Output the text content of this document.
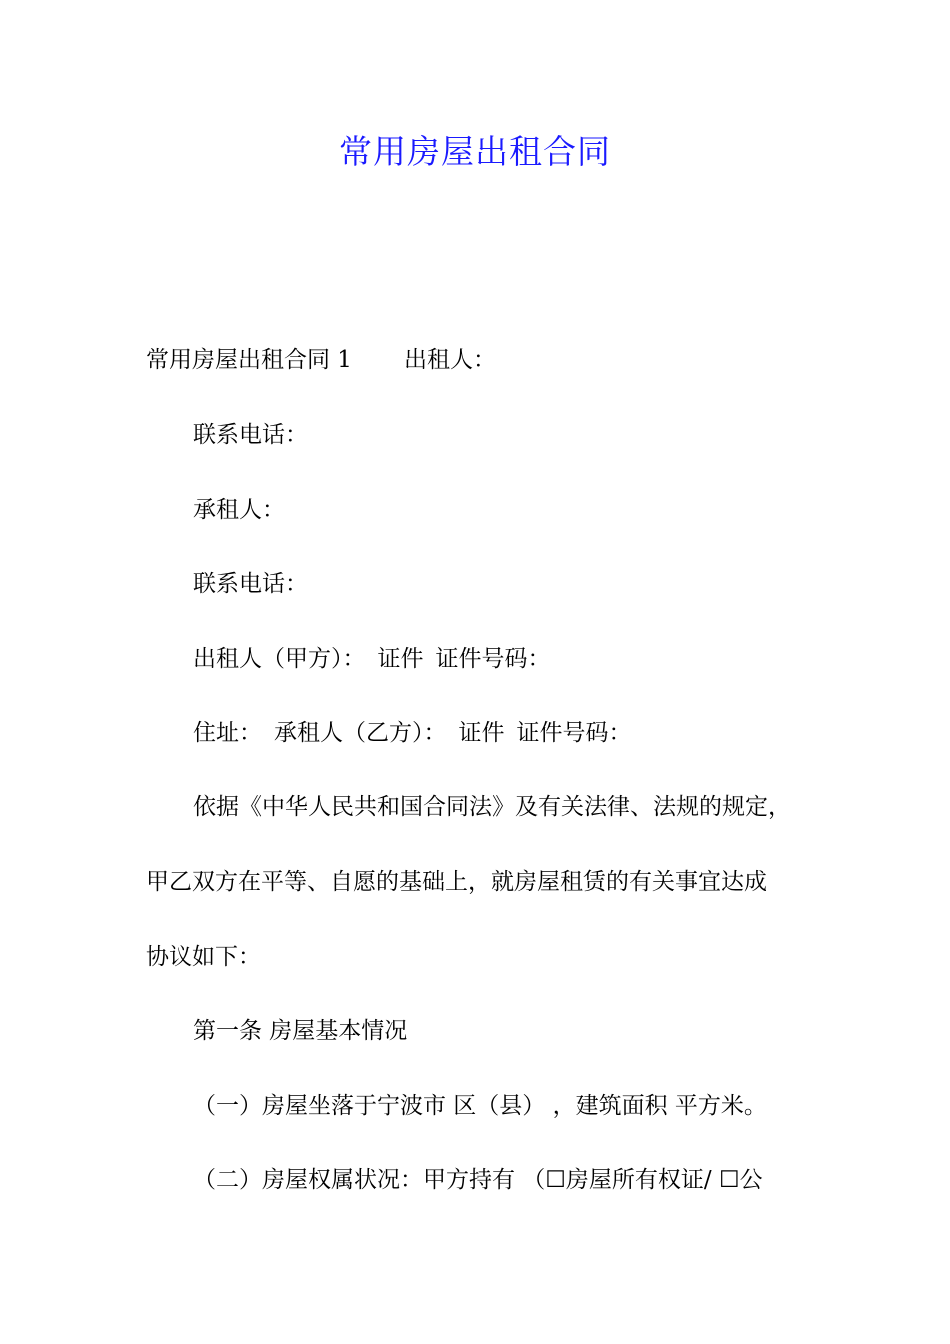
常用房屋出租合同
常用房屋出租合同 1 出租人：
联系电话：
承租人：
联系电话：
出租人（甲方）： 证件 证件号码：
住址： 承租人（乙方）： 证件 证件号码：
依据《中华人民共和国合同法》及有关法律、法规的规定，
甲乙双方在平等、自愿的基础上，就房屋租赁的有关事宜达成
协议如下：
第一条 房屋基本情况
（一）房屋坐落于宁波市 区（县） ，建筑面积 平方米。
（二）房屋权属状况：甲方持有 （☐房屋所有权证/ ☐公
